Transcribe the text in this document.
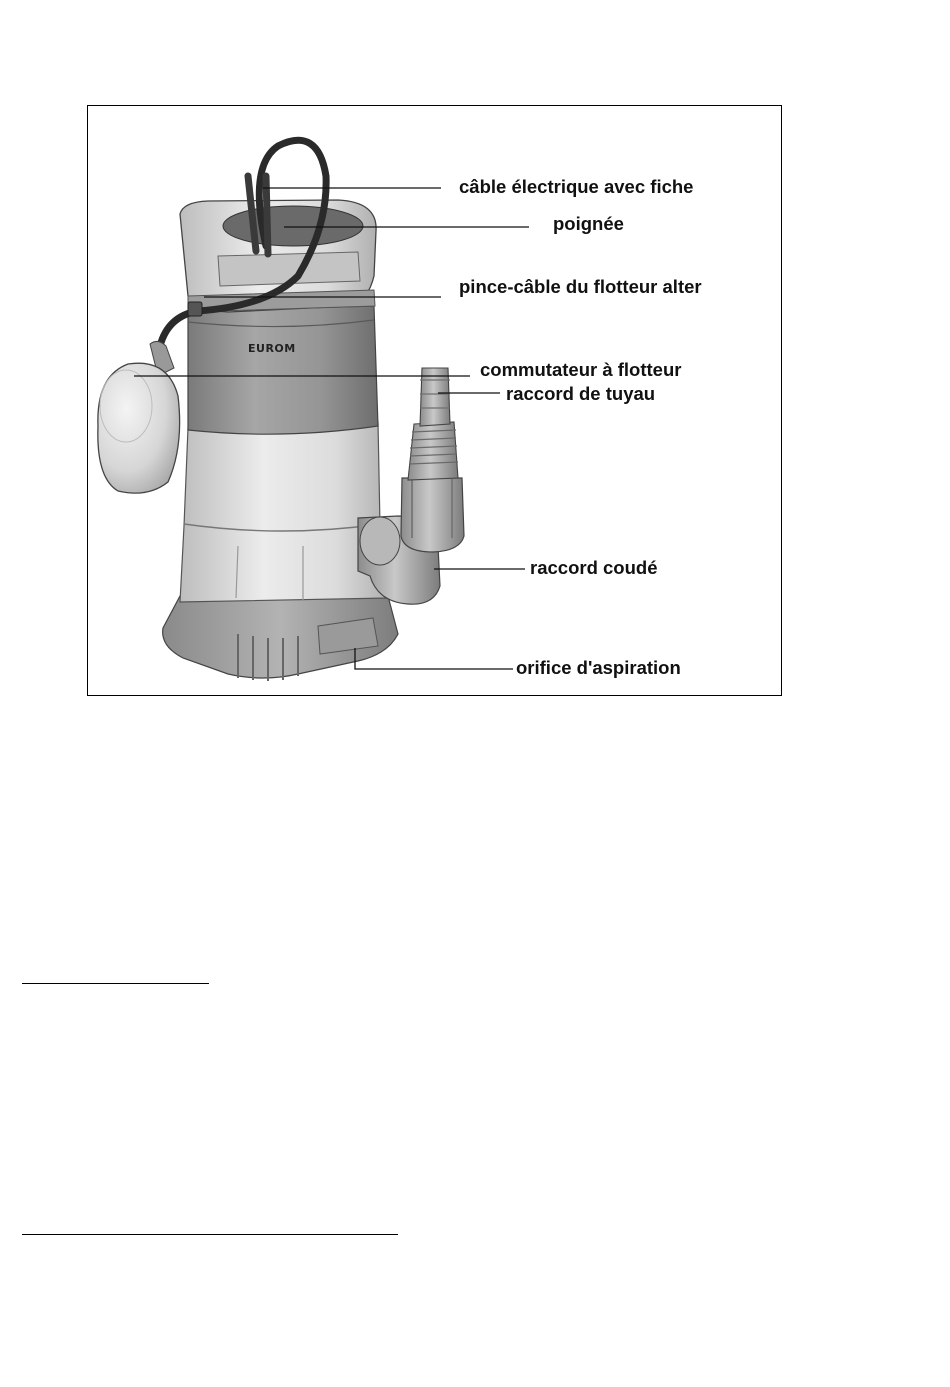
EUROM
câble électrique avec fiche
poignée
pince-câble du flotteur alter
commutateur à flotteur
raccord de tuyau
raccord coudé
orifice d'aspiration
